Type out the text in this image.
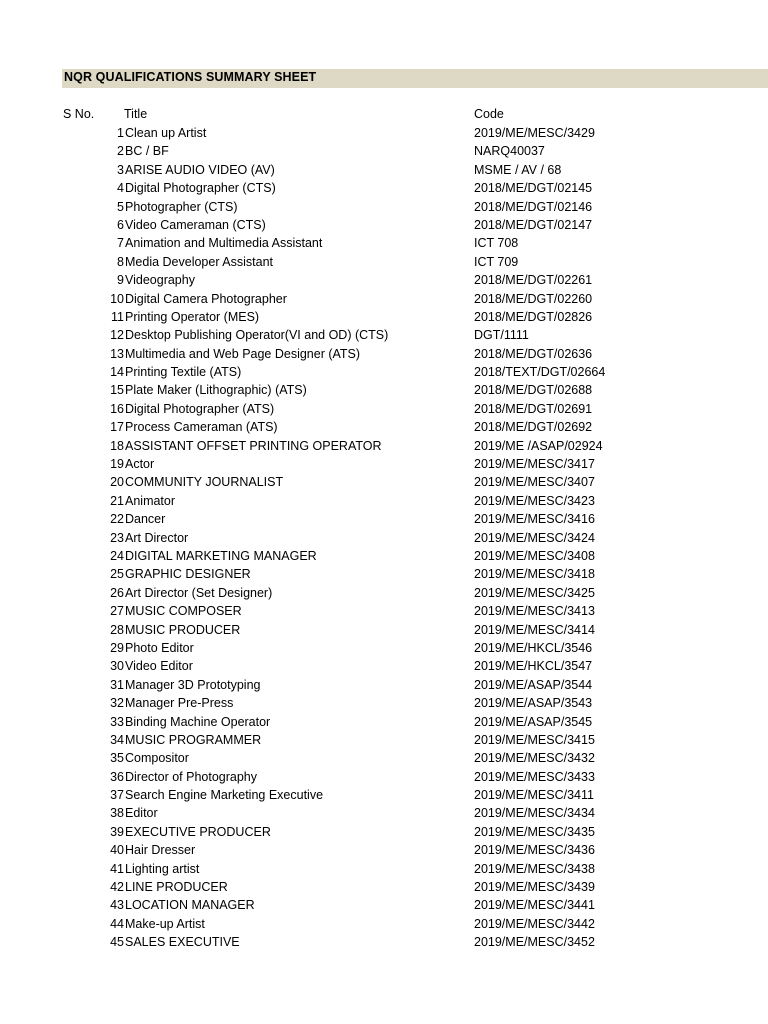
NQR QUALIFICATIONS SUMMARY SHEET
S No. Title	Code
1 Clean up Artist	2019/ME/MESC/3429
2 BC / BF	NARQ40037
3 ARISE AUDIO VIDEO (AV)	MSME / AV / 68
4 Digital Photographer (CTS)	2018/ME/DGT/02145
5 Photographer (CTS)	2018/ME/DGT/02146
6 Video Cameraman (CTS)	2018/ME/DGT/02147
7 Animation and Multimedia Assistant	ICT 708
8 Media Developer Assistant	ICT 709
9 Videography	2018/ME/DGT/02261
10 Digital Camera Photographer	2018/ME/DGT/02260
11 Printing Operator (MES)	2018/ME/DGT/02826
12 Desktop Publishing Operator(VI and OD) (CTS)	DGT/1111
13 Multimedia and Web Page Designer (ATS)	2018/ME/DGT/02636
14 Printing Textile (ATS)	2018/TEXT/DGT/02664
15 Plate Maker (Lithographic) (ATS)	2018/ME/DGT/02688
16 Digital Photographer (ATS)	2018/ME/DGT/02691
17 Process Cameraman (ATS)	2018/ME/DGT/02692
18 ASSISTANT OFFSET PRINTING OPERATOR	2019/ME /ASAP/02924
19 Actor	2019/ME/MESC/3417
20 COMMUNITY JOURNALIST	2019/ME/MESC/3407
21 Animator	2019/ME/MESC/3423
22 Dancer	2019/ME/MESC/3416
23 Art Director	2019/ME/MESC/3424
24 DIGITAL MARKETING MANAGER	2019/ME/MESC/3408
25 GRAPHIC DESIGNER	2019/ME/MESC/3418
26 Art Director (Set Designer)	2019/ME/MESC/3425
27 MUSIC COMPOSER	2019/ME/MESC/3413
28 MUSIC PRODUCER	2019/ME/MESC/3414
29 Photo Editor	2019/ME/HKCL/3546
30 Video Editor	2019/ME/HKCL/3547
31 Manager 3D Prototyping	2019/ME/ASAP/3544
32 Manager Pre-Press	2019/ME/ASAP/3543
33 Binding Machine Operator	2019/ME/ASAP/3545
34 MUSIC PROGRAMMER	2019/ME/MESC/3415
35 Compositor	2019/ME/MESC/3432
36 Director of Photography	2019/ME/MESC/3433
37 Search Engine Marketing Executive	2019/ME/MESC/3411
38 Editor	2019/ME/MESC/3434
39 EXECUTIVE PRODUCER	2019/ME/MESC/3435
40 Hair Dresser	2019/ME/MESC/3436
41 Lighting artist	2019/ME/MESC/3438
42 LINE PRODUCER	2019/ME/MESC/3439
43 LOCATION MANAGER	2019/ME/MESC/3441
44 Make-up Artist	2019/ME/MESC/3442
45 SALES EXECUTIVE	2019/ME/MESC/3452
